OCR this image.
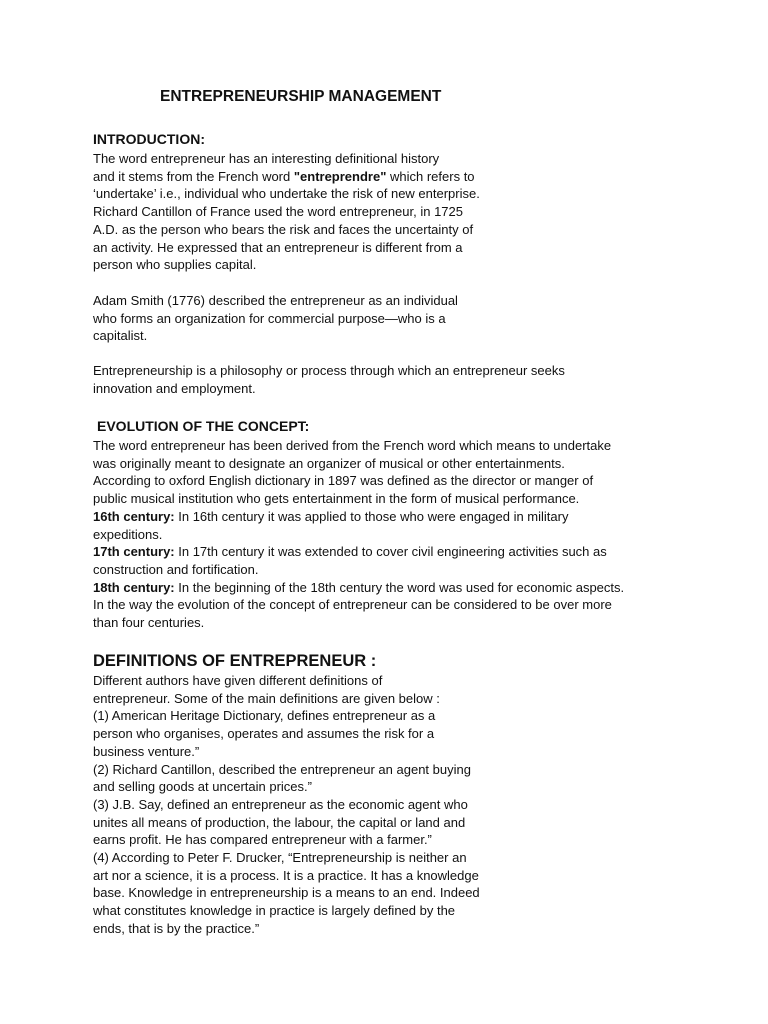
ENTREPRENEURSHIP MANAGEMENT
INTRODUCTION:
The word entrepreneur has an interesting definitional history
and it stems from the French word "entreprendre" which refers to
‘undertake’ i.e., individual who undertake the risk of new enterprise.
Richard Cantillon of France used the word entrepreneur, in 1725
A.D. as the person who bears the risk and faces the uncertainty of
an activity. He expressed that an entrepreneur is different from a
person who supplies capital.
Adam Smith (1776) described the entrepreneur as an individual
who forms an organization for commercial purpose—who is a
capitalist.
Entrepreneurship is a philosophy or process through which an entrepreneur seeks
innovation and employment.
EVOLUTION OF THE CONCEPT:
The word entrepreneur has been derived from the French word which means to undertake
was originally meant to designate an organizer of musical or other entertainments.
According to oxford English dictionary in 1897 was defined as the director or manger of
public musical institution who gets entertainment in the form of musical performance.
16th century: In 16th century it was applied to those who were engaged in military
expeditions.
17th century: In 17th century it was extended to cover civil engineering activities such as
construction and fortification.
18th century: In the beginning of the 18th century the word was used for economic aspects.
In the way the evolution of the concept of entrepreneur can be considered to be over more
than four centuries.
DEFINITIONS OF ENTREPRENEUR :
Different authors have given different definitions of
entrepreneur. Some of the main definitions are given below :
(1) American Heritage Dictionary, defines entrepreneur as a
person who organises, operates and assumes the risk for a
business venture.”
(2) Richard Cantillon, described the entrepreneur an agent buying
and selling goods at uncertain prices.”
(3) J.B. Say, defined an entrepreneur as the economic agent who
unites all means of production, the labour, the capital or land and
earns profit. He has compared entrepreneur with a farmer.”
(4) According to Peter F. Drucker, “Entrepreneurship is neither an
art nor a science, it is a process. It is a practice. It has a knowledge
base. Knowledge in entrepreneurship is a means to an end. Indeed
what constitutes knowledge in practice is largely defined by the
ends, that is by the practice.”
